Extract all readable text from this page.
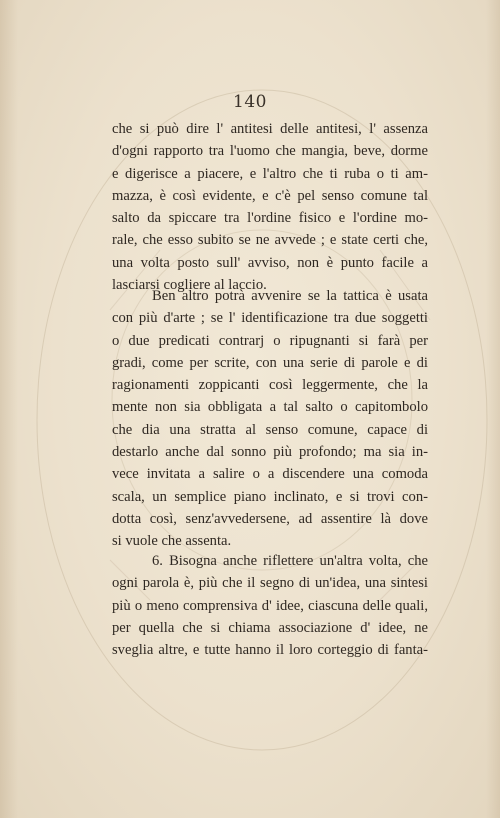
140
che si può dire l' antitesi delle antitesi, l' assenza
d'ogni rapporto tra l'uomo che mangia, beve, dorme
e digerisce a piacere, e l'altro che ti ruba o ti am-
mazza, è così evidente, e c'è pel senso comune tal
salto da spiccare tra l'ordine fisico e l'ordine mo-
rale, che esso subito se ne avvede ; e state certi che,
una volta posto sull' avviso, non è punto facile a
lasciarsi cogliere al laccio.
Ben altro potrà avvenire se la tattica è usata
con più d'arte ; se l' identificazione tra due soggetti
o due predicati contrarj o ripugnanti si farà per
gradi, come per scrite, con una serie di parole e di
ragionamenti zoppicanti così leggermente, che la
mente non sia obbligata a tal salto o capitombolo
che dia una stratta al senso comune, capace di
destarlo anche dal sonno più profondo; ma sia in-
vece invitata a salire o a discendere una comoda
scala, un semplice piano inclinato, e si trovi con-
dotta così, senz'avvedersene, ad assentire là dove
si vuole che assenta.
6. Bisogna anche riflettere un'altra volta, che
ogni parola è, più che il segno di un'idea, una sintesi
più o meno comprensiva d' idee, ciascuna delle quali,
per quella che si chiama associazione d' idee, ne
sveglia altre, e tutte hanno il loro corteggio di fanta-
